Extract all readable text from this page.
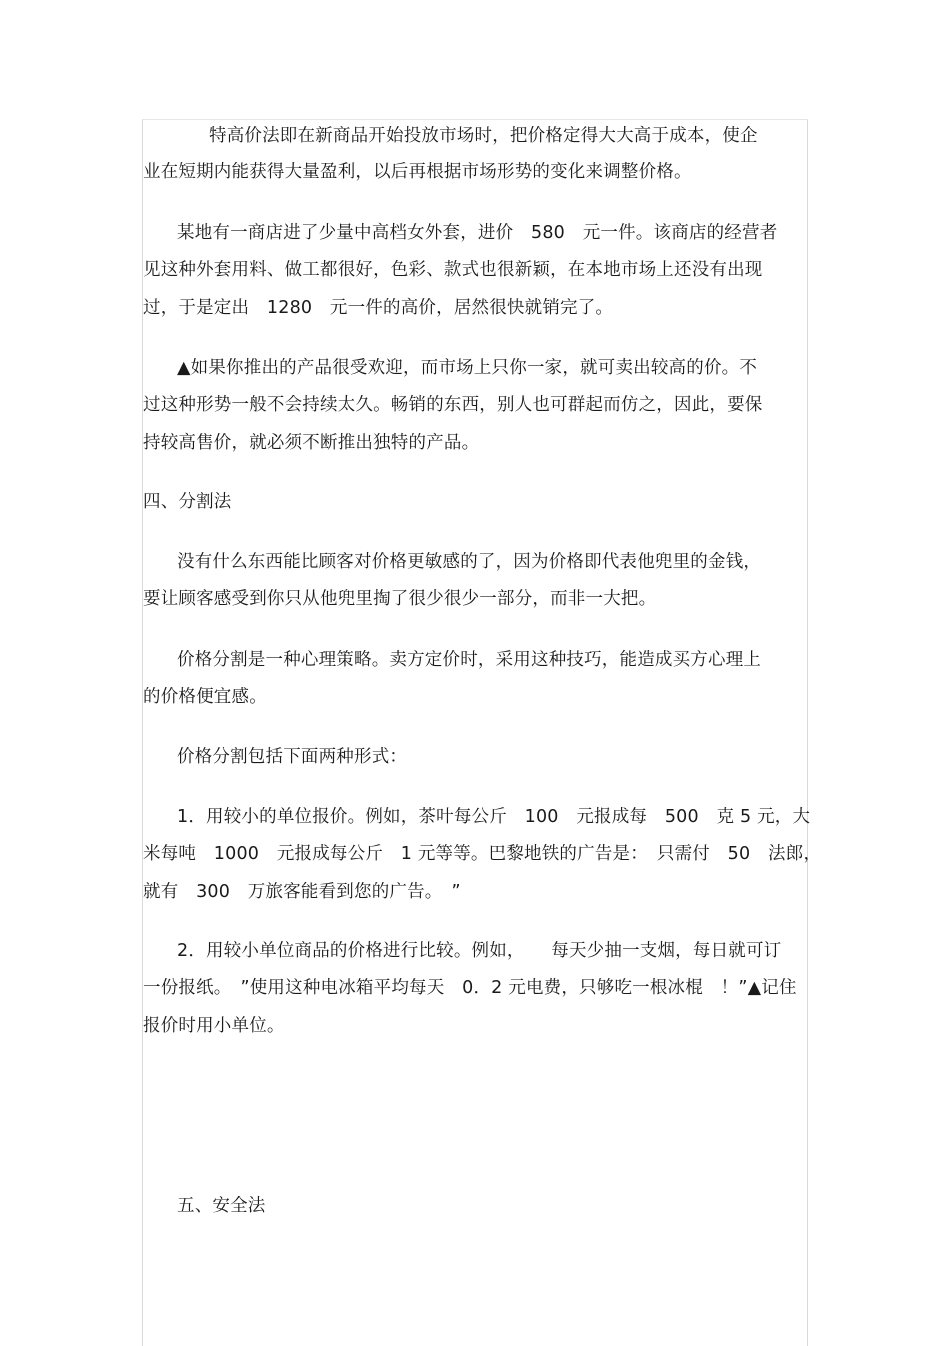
特高价法即在新商品开始投放市场时，把价格定得大大高于成本，使企
业在短期内能获得大量盈利，以后再根据市场形势的变化来调整价格。
某地有一商店进了少量中高档女外套，进价　580　元一件。该商店的经营者
见这种外套用料、做工都很好，色彩、款式也很新颖，在本地市场上还没有出现
过，于是定出　1280　元一件的高价，居然很快就销完了。
▲如果你推出的产品很受欢迎，而市场上只你一家，就可卖出较高的价。不
过这种形势一般不会持续太久。畅销的东西，别人也可群起而仿之，因此，要保
持较高售价，就必须不断推出独特的产品。
四、分割法
没有什么东西能比顾客对价格更敏感的了，因为价格即代表他兜里的金钱，
要让顾客感受到你只从他兜里掏了很少很少一部分，而非一大把。
价格分割是一种心理策略。卖方定价时，采用这种技巧，能造成买方心理上
的价格便宜感。
价格分割包括下面两种形式：
1．用较小的单位报价。例如，茶叶每公斤　100　元报成每　500　克 5 元，大
米每吨　1000　元报成每公斤　1 元等等。巴黎地铁的广告是：　只需付　50　法郎，
就有　300　万旅客能看到您的广告。　”
2．用较小单位商品的价格进行比较。例如，　　每天少抽一支烟，每日就可订
一份报纸。　”使用这种电冰箱平均每天　0．2 元电费，只够吃一根冰棍　！”▲记住
报价时用小单位。
五、安全法
